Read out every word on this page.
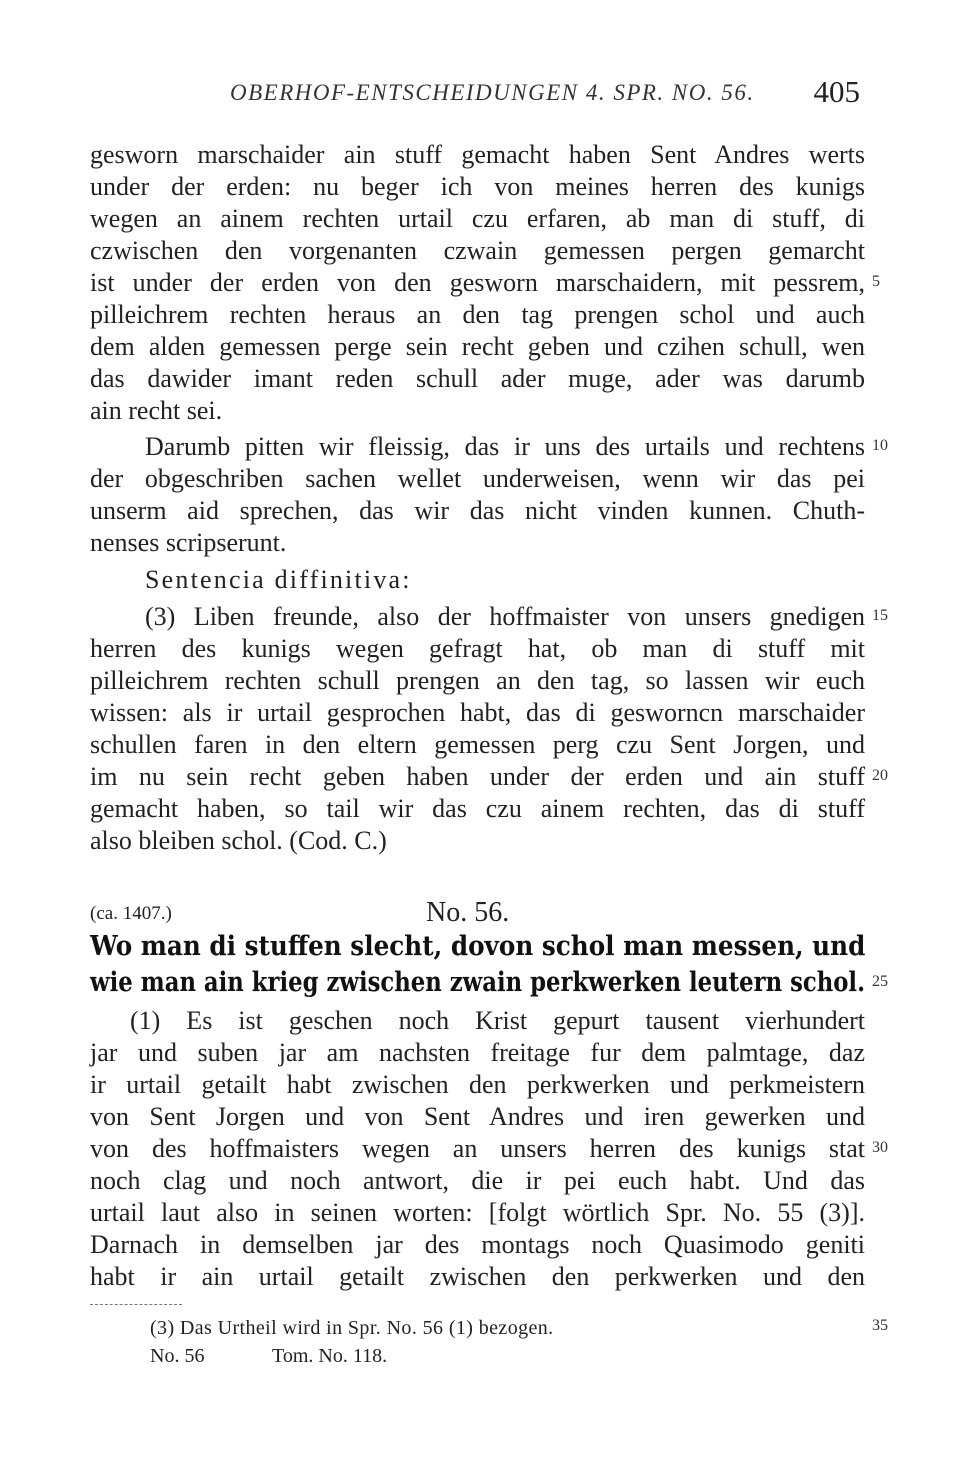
OBERHOF-ENTSCHEIDUNGEN 4. SPR. NO. 56. 405
gesworn marschaider ain stuff gemacht haben Sent Andres werts
under der erden: nu beger ich von meines herren des kunigs
wegen an ainem rechten urtail czu erfaren, ab man di stuff, di
czwischen den vorgenanten czwain gemessen pergen gemarcht
ist under der erden von den gesworn marschaidern, mit pessrem,
pilleichrem rechten heraus an den tag prengen schol und auch
dem alden gemessen perge sein recht geben und czihen schull, wen
das dawider imant reden schull ader muge, ader was darumb
ain recht sei.
Darumb pitten wir fleissig, das ir uns des urtails und rechtens
der obgeschriben sachen wellet underweisen, wenn wir das pei
unserm aid sprechen, das wir das nicht vinden kunnen. Chuth-
nenses scripserunt.
Sentencia diffinitiva:
(3) Liben freunde, also der hoffmaister von unsers gnedigen
herren des kunigs wegen gefragt hat, ob man di stuff mit
pilleichrem rechten schull prengen an den tag, so lassen wir euch
wissen: als ir urtail gesprochen habt, das di gesworncn marschaider
schullen faren in den eltern gemessen perg czu Sent Jorgen, und
im nu sein recht geben haben under der erden und ain stuff
gemacht haben, so tail wir das czu ainem rechten, das di stuff
also bleiben schol. (Cod. C.)
(ca. 1407.)	No. 56.
Wo man di stuffen slecht, dovon schol man messen, und
wie man ain krieg zwischen zwain perkwerken leutern schol.
(1) Es ist geschen noch Krist gepurt tausent vierhundert
jar und suben jar am nachsten freitage fur dem palmtage, daz
ir urtail getailt habt zwischen den perkwerken und perkmeistern
von Sent Jorgen und von Sent Andres und iren gewerken und
von des hoffmaisters wegen an unsers herren des kunigs stat
noch clag und noch antwort, die ir pei euch habt. Und das
urtail laut also in seinen worten: [folgt wörtlich Spr. No. 55 (3)].
Darnach in demselben jar des montags noch Quasimodo geniti
habt ir ain urtail getailt zwischen den perkwerken und den
5
10
15
20
25
30
35
(3) Das Urtheil wird in Spr. No. 56 (1) bezogen.
No. 56	Tom. No. 118.
